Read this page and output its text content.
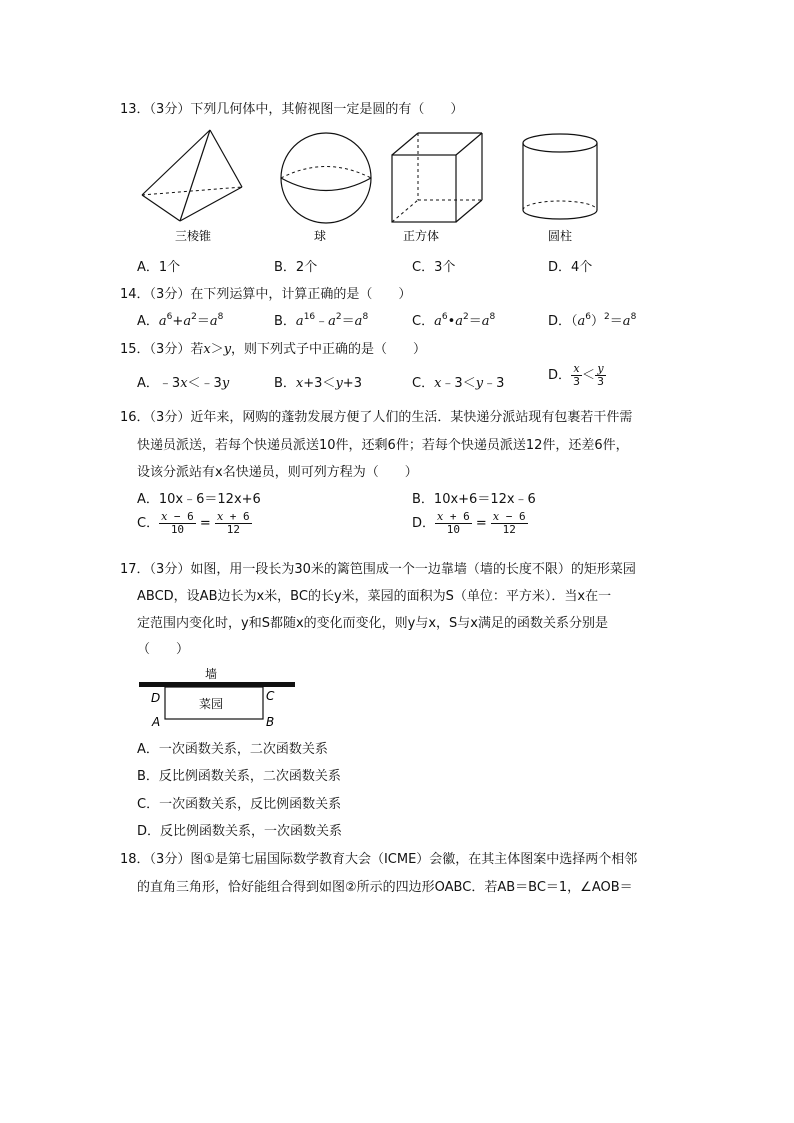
13．（3分）下列几何体中，其俯视图一定是圆的有（　　）
三棱锥	球	正方体	圆柱
A．1个	B．2个	C．3个	D．4个
14．（3分）在下列运算中，计算正确的是（　　）
A．$a^6+a^2=a^8$	B．$a^{16}﹣a^2=a^8$	C．$a^6•a^2=a^8$	D．$(a^6)^2=a^8$
15．（3分）若x＞y，则下列式子中正确的是（　　）
A．﹣3x＜﹣3y	B．x+3＜y+3	C．x﹣3＜y﹣3
D． $\frac{x}{3} < \frac{y}{3}$
16．（3分）近年来，网购的蓬勃发展方便了人们的生活．某快递分派站现有包裹若干件需
快递员派送，若每个快递员派送10件，还剩6件；若每个快递员派送12件，还差6件，
设该分派站有x名快递员，则可列方程为（　　）
A．10x﹣6＝12x+6	B．10x+6＝12x﹣6
C． $\frac{x - 6}{10} = \frac{x + 6}{12}$	D． $\frac{x + 6}{10} = \frac{x - 6}{12}$
17．（3分）如图，用一段长为30米的篱笆围成一个一边靠墙（墙的长度不限）的矩形菜园
ABCD，设AB边长为x米，BC的长y米，菜园的面积为S（单位：平方米）．当x在一
定范围内变化时，y和S都随x的变化而变化，则y与x，S与x满足的函数关系分别是
（　　）
墙
菜园
D	C
A	B
A．一次函数关系，二次函数关系
B．反比例函数关系，二次函数关系
C．一次函数关系，反比例函数关系
D．反比例函数关系，一次函数关系
18．（3分）图①是第七届国际数学教育大会（ICME）会徽，在其主体图案中选择两个相邻
的直角三角形，恰好能组合得到如图②所示的四边形OABC．若AB＝BC＝1，∠AOB＝
